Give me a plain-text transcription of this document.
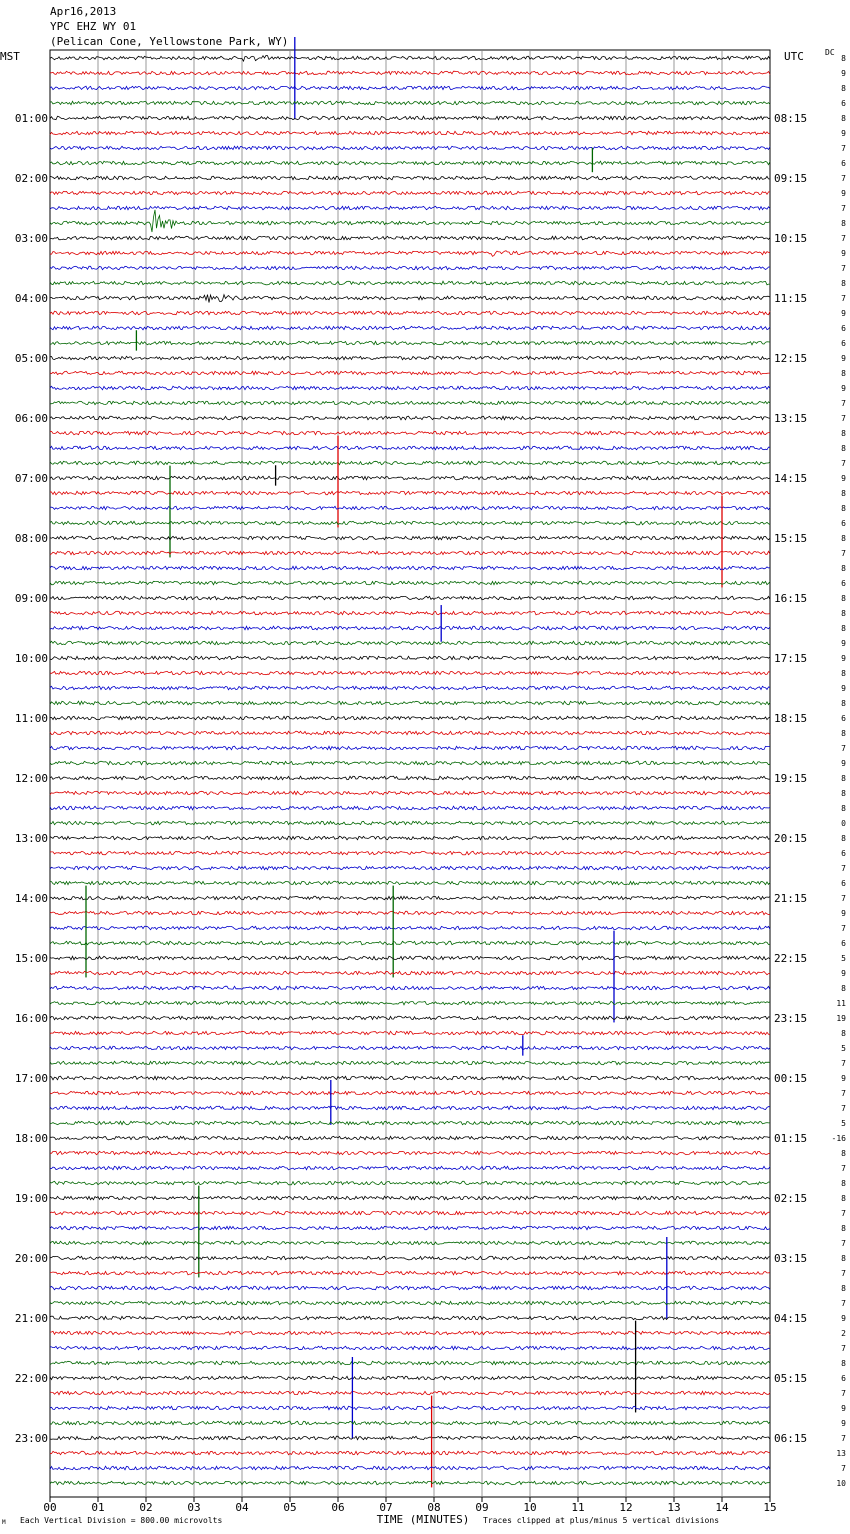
Apr16,2013
YPC EHZ WY 01
(Pelican Cone, Yellowstone Park, WY)
MST	UTC	DC
8
9
8
6
8
9
7
6
7
9
7
8
7
9
7
8
7
9
6
6
9
8
9
7
7
8
8
7
9
8
8
6
8
7
8
6
8
8
8
9
9
8
9
8
6
8
7
9
8
8
8
0
8
6
7
6
7
9
7
6
5
9
8
11
19
8
5
7
9
7
7
5
-16
8
7
8
8
7
8
7
8
7
8
7
9
2
7
8
6
7
9
9
7
13
7
10
01:00
02:00
03:00
04:00
05:00
06:00
07:00
08:00
09:00
10:00
11:00
12:00
13:00
14:00
15:00
16:00
17:00
18:00
19:00
20:00
21:00
22:00
23:00
08:15
09:15
10:15
11:15
12:15
13:15
14:15
15:15
16:15
17:15
18:15
19:15
20:15
21:15
22:15
23:15
00:15
01:15
02:15
03:15
04:15
05:15
06:15
00	01	02	03	04	05	06	07	08	09	10	11	12	13	14	15
M Each Vertical Division = 800.00 microvolts	TIME (MINUTES) Traces clipped at plus/minus 5 vertical divisions
